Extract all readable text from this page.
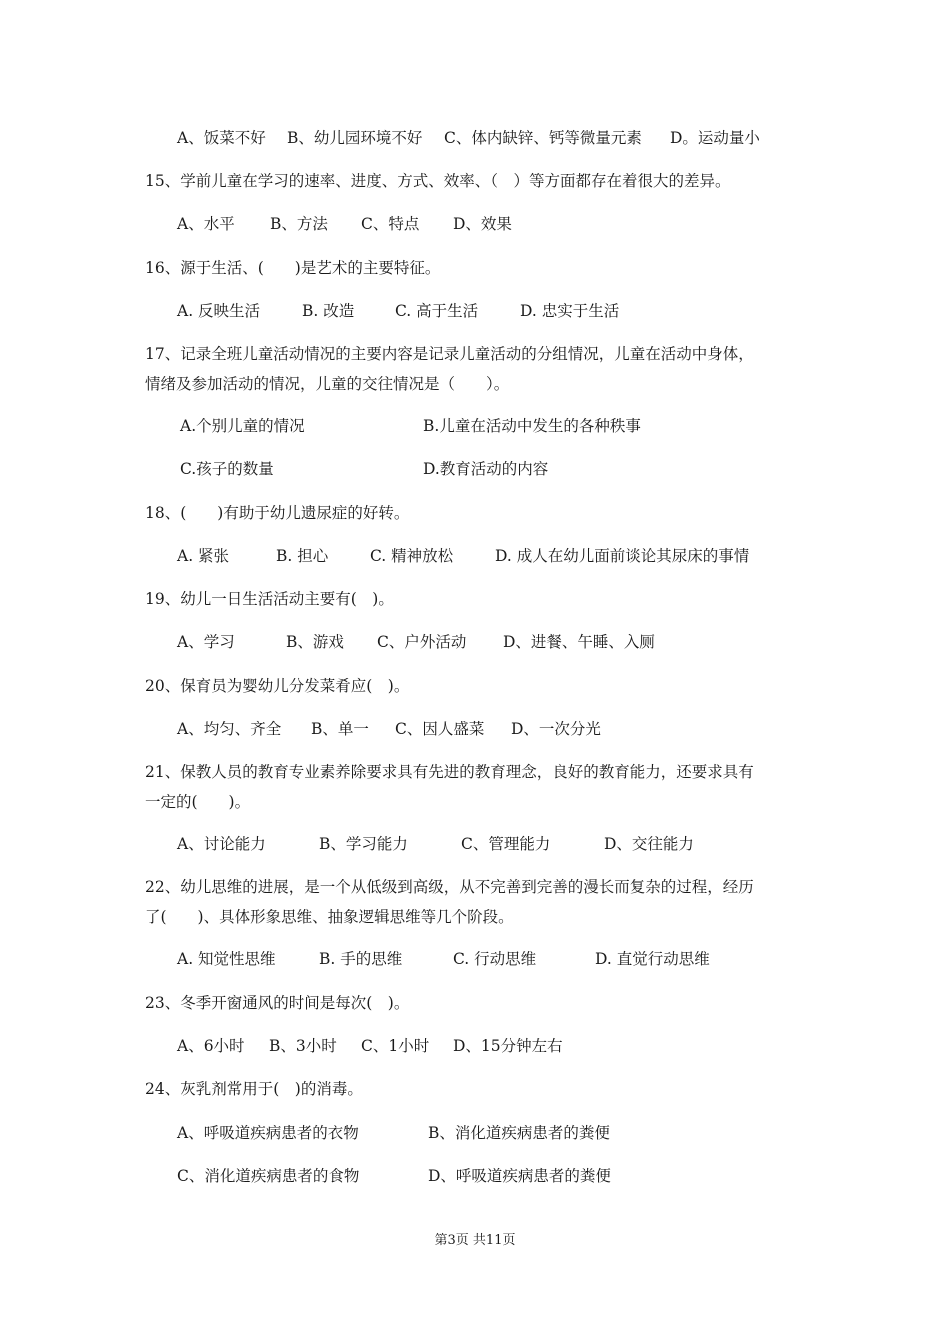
A、饭菜不好 B、幼儿园环境不好 C、体内缺锌、钙等微量元素 D。运动量小
15、学前儿童在学习的速率、进度、方式、效率、（　）等方面都存在着很大的差异。
A、水平 B、方法 C、特点 D、效果
16、源于生活、(　　)是艺术的主要特征。
A. 反映生活	B. 改造	C. 高于生活	D. 忠实于生活
17、记录全班儿童活动情况的主要内容是记录儿童活动的分组情况，儿童在活动中身体，
情绪及参加活动的情况，儿童的交往情况是（　　）。
A.个别儿童的情况	B.儿童在活动中发生的各种秩事
C.孩子的数量	D.教育活动的内容
18、(　　)有助于幼儿遗尿症的好转。
A. 紧张	B. 担心	C. 精神放松	D. 成人在幼儿面前谈论其尿床的事情
19、幼儿一日生活活动主要有(　)。
A、学习	B、游戏 C、户外活动 D、进餐、午睡、入厕
20、保育员为婴幼儿分发菜肴应(　)。
A、均匀、齐全 B、单一 C、因人盛菜 D、一次分光
21、保教人员的教育专业素养除要求具有先进的教育理念，良好的教育能力，还要求具有
一定的(　　)。
A、讨论能力	B、学习能力	C、管理能力	D、交往能力
22、幼儿思维的进展，是一个从低级到高级，从不完善到完善的漫长而复杂的过程，经历
了(　　)、具体形象思维、抽象逻辑思维等几个阶段。
A. 知觉性思维	B. 手的思维	C. 行动思维	D. 直觉行动思维
23、冬季开窗通风的时间是每次(　)。
A、6小时 B、3小时 C、1小时 D、15分钟左右
24、灰乳剂常用于(　)的消毒。
A、呼吸道疾病患者的衣物	B、消化道疾病患者的粪便
C、消化道疾病患者的食物	D、呼吸道疾病患者的粪便
第3页 共11页
